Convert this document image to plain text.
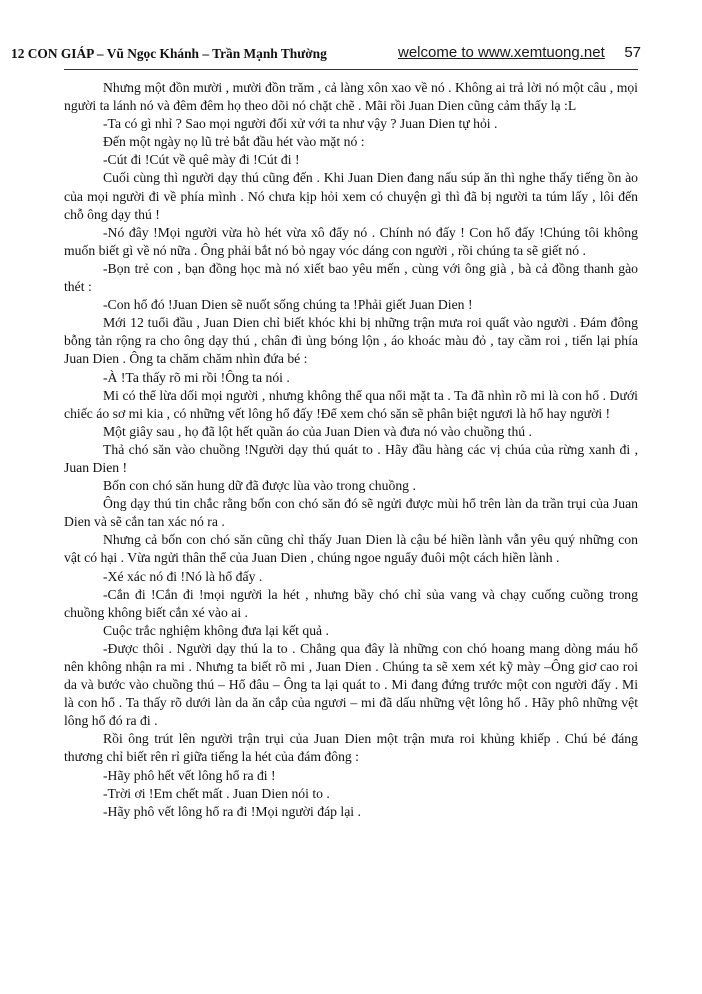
12 CON GIÁP – Vũ Ngọc Khánh – Trần Mạnh Thường	welcome to www.xemtuong.net 57

Nhưng một đồn mười , mười đồn trăm , cả làng xôn xao về nó . Không ai trả lời nó một câu , mọi người ta lánh nó và đêm đêm họ theo dõi nó chặt chẽ . Mãi rồi Juan Dien cũng cảm thấy lạ :L

-Ta có gì nhỉ ? Sao mọi người đối xử với ta như vậy ? Juan Dien tự hỏi .

Đến một ngày nọ lũ trẻ bắt đầu hét vào mặt nó :

-Cút đi !Cút về quê mày đi !Cút đi !

Cuối cùng thì người dạy thú cũng đến . Khi Juan Dien đang nấu súp ăn thì nghe thấy tiếng ồn ào của mọi người đi về phía mình . Nó chưa kịp hỏi xem có chuyện gì thì đã bị người ta túm lấy , lôi đến chỗ ông dạy thú !

-Nó đây !Mọi người vừa hò hét vừa xô đẩy nó . Chính nó đấy ! Con hổ đấy !Chúng tôi không muốn biết gì về nó nữa . Ông phải bắt nó bỏ ngay vóc dáng con người , rồi chúng ta sẽ giết nó .

-Bọn trẻ con , bạn đồng học mà nó xiết bao yêu mến , cùng với ông già , bà cả đồng thanh gào thét :

-Con hổ đó !Juan Dien sẽ nuốt sống chúng ta !Phải giết Juan Dien !

Mới 12 tuổi đầu , Juan Dien chỉ biết khóc khi bị những trận mưa roi quất vào người . Đám đông bỗng tản rộng ra cho ông dạy thú , chân đi ủng bóng lộn , áo khoác màu đỏ , tay cầm roi , tiến lại phía Juan Dien . Ông ta chăm chăm nhìn đứa bé :

-À !Ta thấy rõ mi rồi !Ông ta nói .

Mi có thể lừa dối mọi người , nhưng không thể qua nổi mặt ta . Ta đã nhìn rõ mi là con hổ . Dưới chiếc áo sơ mi kia , có những vết lông hổ đấy !Để xem chó săn sẽ phân biệt ngươi là hổ hay người !

Một giây sau , họ đã lột hết quần áo của Juan Dien và đưa nó vào chuồng thú .

Thả chó săn vào chuồng !Người dạy thú quát to . Hãy đầu hàng các vị chúa của rừng xanh đi , Juan Dien !

Bốn con chó săn hung dữ đã được lùa vào trong chuồng .

Ông dạy thú tin chắc rằng bốn con chó săn đó sẽ ngửi được mùi hổ trên làn da trần trụi của Juan Dien và sẽ cắn tan xác nó ra .

Nhưng cả bốn con chó săn cũng chỉ thấy Juan Dien là cậu bé hiền lành vẫn yêu quý những con vật có hại . Vừa ngửi thân thể của Juan Dien , chúng ngoe nguẩy đuôi một cách hiền lành .

-Xé xác nó đi !Nó là hổ đấy .

-Cắn đi !Cắn đi !mọi người la hét , nhưng bầy chó chỉ sủa vang và chạy cuống cuồng trong chuồng không biết cắn xé vào ai .

Cuộc trắc nghiệm không đưa lại kết quả .

-Được thôi . Người dạy thú la to . Chẳng qua đây là những con chó hoang mang dòng máu hổ nên không nhận ra mi . Nhưng ta biết rõ mi , Juan Dien . Chúng ta sẽ xem xét kỹ mày –Ông giơ cao roi da và bước vào chuồng thú – Hổ đâu – Ông ta lại quát to . Mi đang đứng trước một con người đấy . Mi là con hổ . Ta thấy rõ dưới làn da ăn cắp của ngươi – mi đã dấu những vệt lông hổ . Hãy phô những vệt lông hổ đó ra đi .

Rồi ông trút lên người trận trụi của Juan Dien một trận mưa roi khủng khiếp . Chú bé đáng thương chỉ biết rên rỉ giữa tiếng la hét của đám đông :

-Hãy phô hết vết lông hổ ra đi !

-Trời ơi !Em chết mất . Juan Dien nói to .

-Hãy phô vết lông hổ ra đi !Mọi người đáp lại .
